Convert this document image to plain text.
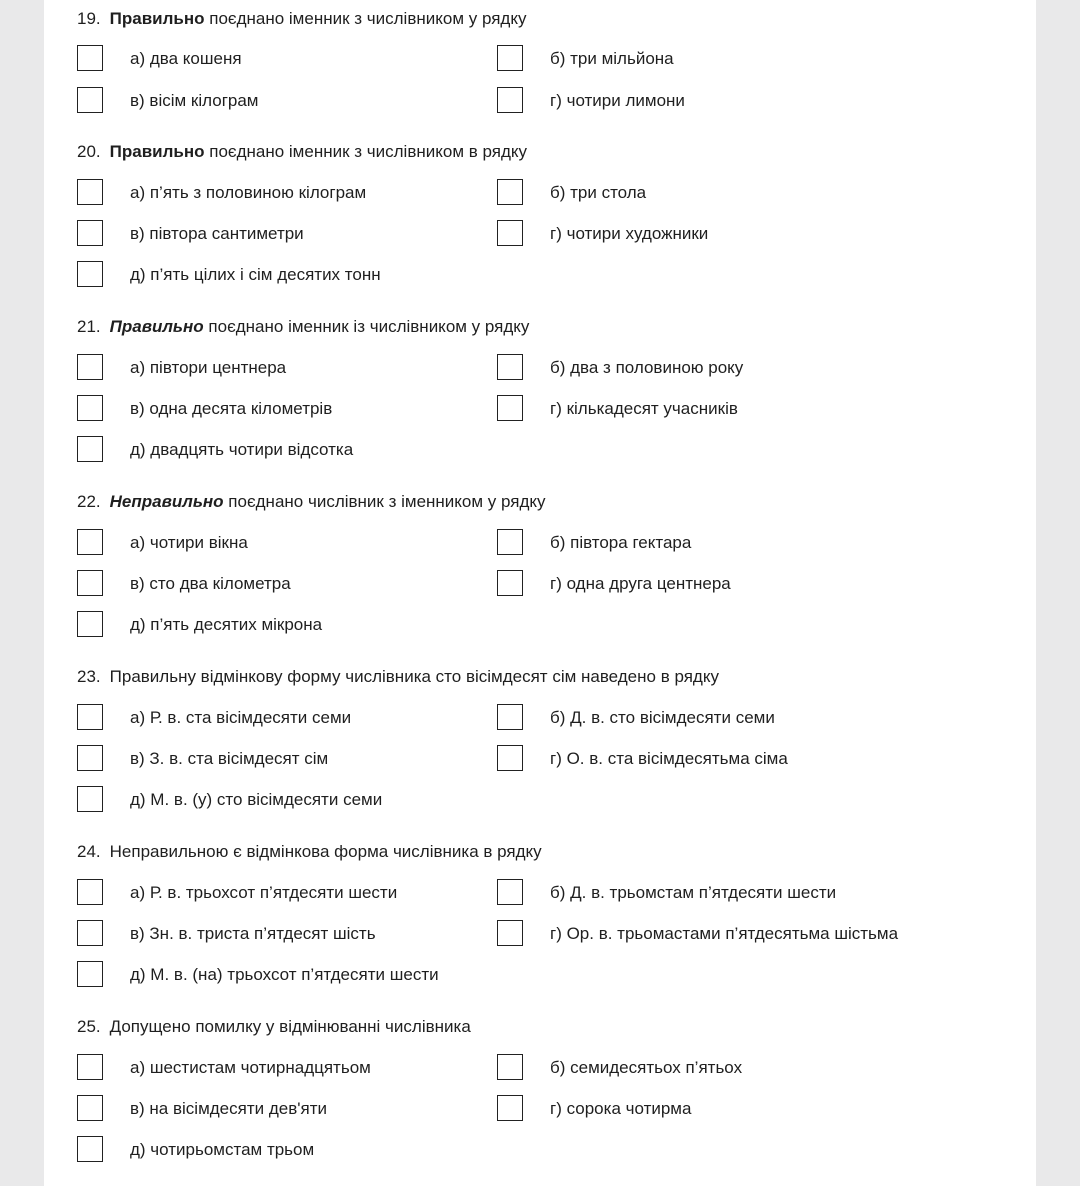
19. Правильно поєднано іменник з числівником у рядку
а) два кошеня	б) три мільйона
в) вісім кілограм	г) чотири лимони
20. Правильно поєднано іменник з числівником в рядку
а) п’ять з половиною кілограм	б) три стола
в) півтора сантиметри	г) чотири художники
д) п’ять цілих і сім десятих тонн
21. Правильно поєднано іменник із числівником у рядку
а) півтори центнера	б) два з половиною року
в) одна десята кілометрів	г) кількадесят учасників
д) двадцять чотири відсотка
22. Неправильно поєднано числівник з іменником у рядку
а) чотири вікна	б) півтора гектара
в) сто два кілометра	г) одна друга центнера
д) п’ять десятих мікрона
23. Правильну відмінкову форму числівника сто вісімдесят сім наведено в рядку
а) Р. в. ста вісімдесяти семи	б) Д. в. сто вісімдесяти семи
в) З. в. ста вісімдесят сім	г) О. в. ста вісімдесятьма сіма
д) М. в. (у) сто вісімдесяти семи
24. Неправильною є відмінкова форма числівника в рядку
а) Р. в. трьохсот п’ятдесяти шести	б) Д. в. трьомстам п’ятдесяти шести
в) Зн. в. триста п’ятдесят шість	г) Ор. в. трьомастами п’ятдесятьма шістьма
д) М. в. (на) трьохсот п’ятдесяти шести
25. Допущено помилку у відмінюванні числівника
а) шестистам чотирнадцятьом	б) семидесятьох п’ятьох
в) на вісімдесяти дев'яти	г) сорока чотирма
д) чотирьомстам трьом
